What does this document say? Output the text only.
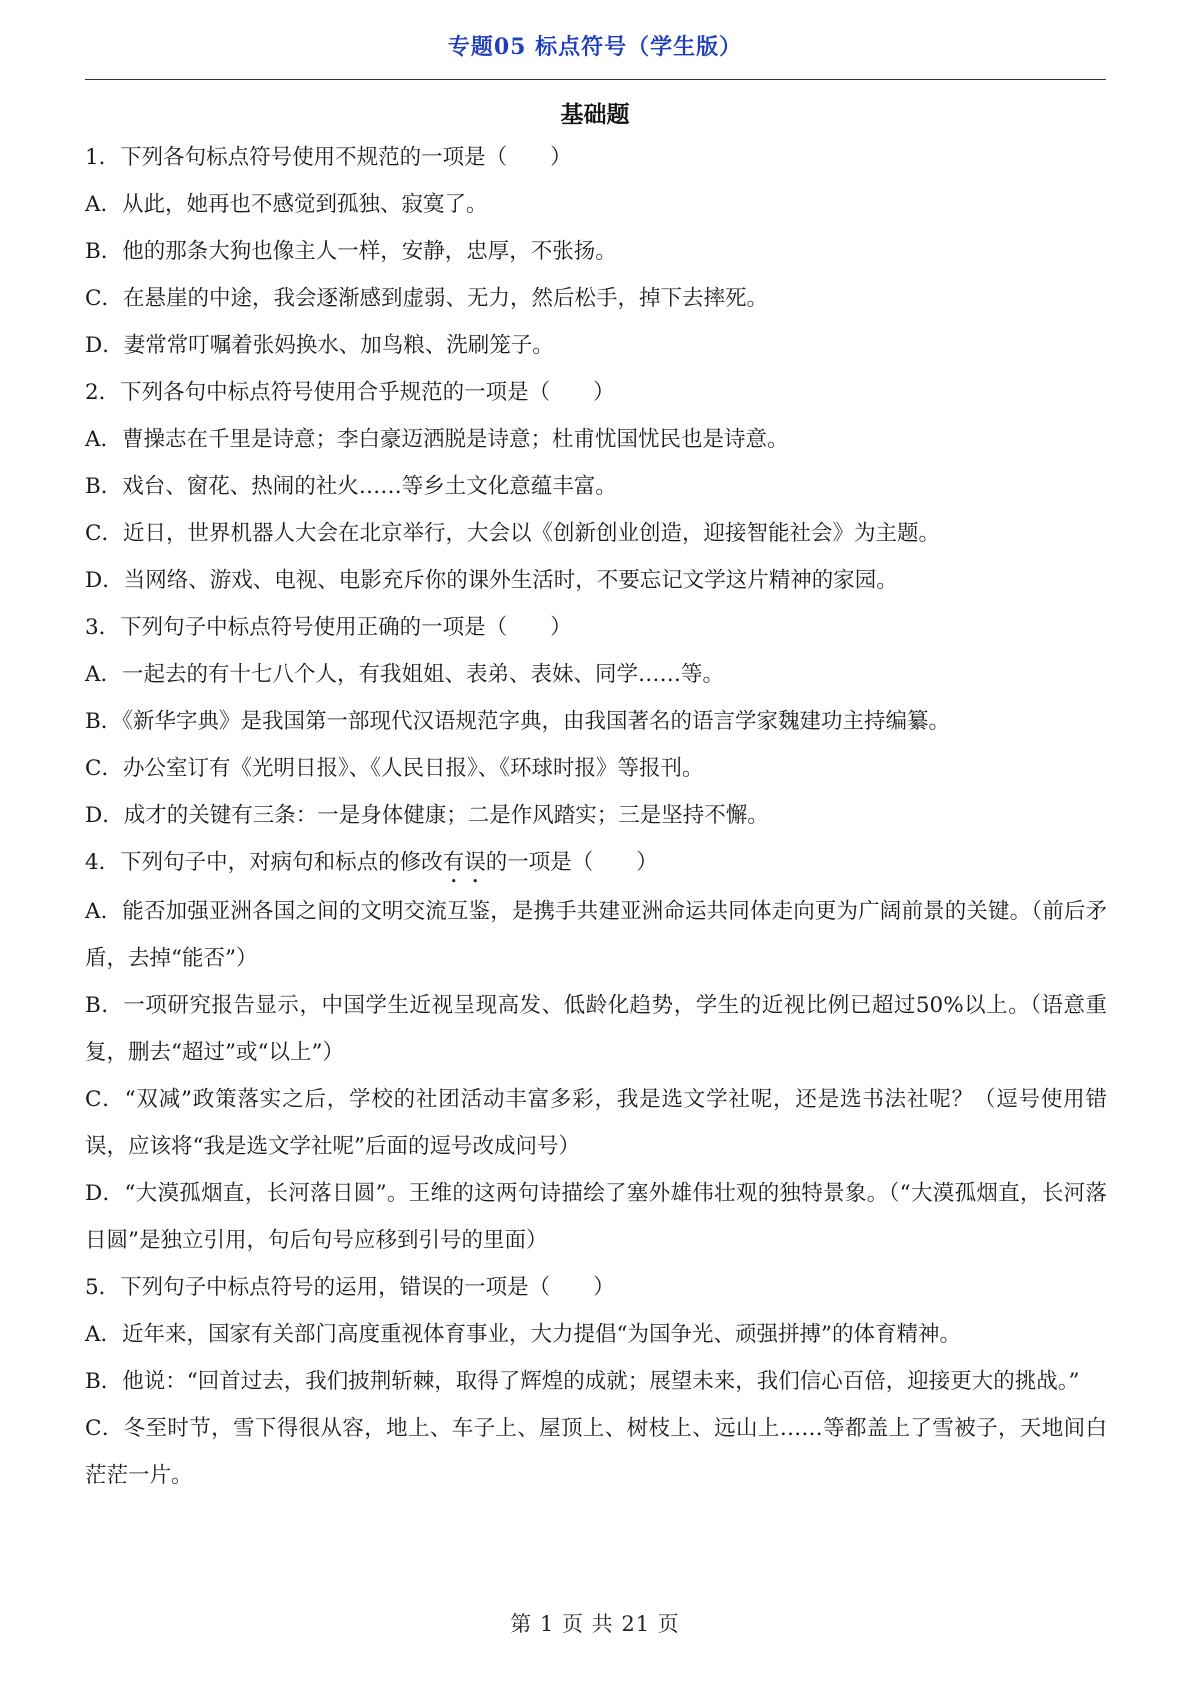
专题05 标点符号（学生版）
基础题

1．下列各句标点符号使用不规范的一项是（　　）

A．从此，她再也不感觉到孤独、寂寞了。

B．他的那条大狗也像主人一样，安静，忠厚，不张扬。

C．在悬崖的中途，我会逐渐感到虚弱、无力，然后松手，掉下去摔死。

D．妻常常叮嘱着张妈换水、加鸟粮、洗刷笼子。

2．下列各句中标点符号使用合乎规范的一项是（　　）

A．曹操志在千里是诗意；李白豪迈洒脱是诗意；杜甫忧国忧民也是诗意。

B．戏台、窗花、热闹的社火……等乡土文化意蕴丰富。

C．近日，世界机器人大会在北京举行，大会以《创新创业创造，迎接智能社会》为主题。

D．当网络、游戏、电视、电影充斥你的课外生活时，不要忘记文学这片精神的家园。

3．下列句子中标点符号使用正确的一项是（　　）

A．一起去的有十七八个人，有我姐姐、表弟、表妹、同学……等。

B．《新华字典》是我国第一部现代汉语规范字典，由我国著名的语言学家魏建功主持编纂。

C．办公室订有《光明日报》、《人民日报》、《环球时报》等报刊。

D．成才的关键有三条：一是身体健康；二是作风踏实；三是坚持不懈。

4．下列句子中，对病句和标点的修改有误的一项是（　　）

A．能否加强亚洲各国之间的文明交流互鉴，是携手共建亚洲命运共同体走向更为广阔前景的关键。（前后矛盾，去掉“能否”）

B．一项研究报告显示，中国学生近视呈现高发、低龄化趋势，学生的近视比例已超过50%以上。（语意重复，删去“超过”或“以上”）

C．“双减”政策落实之后，学校的社团活动丰富多彩，我是选文学社呢，还是选书法社呢？（逗号使用错误，应该将“我是选文学社呢”后面的逗号改成问号）

D．“大漠孤烟直，长河落日圆”。王维的这两句诗描绘了塞外雄伟壮观的独特景象。（“大漠孤烟直，长河落日圆”是独立引用，句后句号应移到引号的里面）

5．下列句子中标点符号的运用，错误的一项是（　　）

A．近年来，国家有关部门高度重视体育事业，大力提倡“为国争光、顽强拼搏”的体育精神。

B．他说：“回首过去，我们披荆斩棘，取得了辉煌的成就；展望未来，我们信心百倍，迎接更大的挑战。”

C．冬至时节，雪下得很从容，地上、车子上、屋顶上、树枝上、远山上……等都盖上了雪被子，天地间白茫茫一片。

第 1 页 共 21 页
